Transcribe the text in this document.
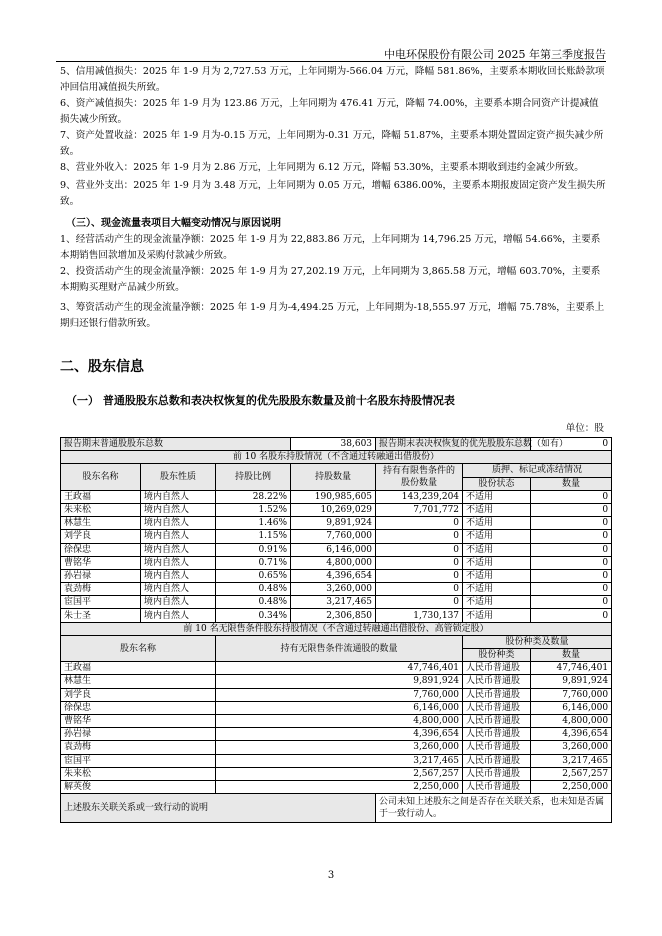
中电环保股份有限公司 2025 年第三季度报告
5、信用减值损失：2025 年 1-9 月为 2,727.53 万元，上年同期为-566.04 万元，降幅 581.86%，主要系本期收回长账龄款项冲回信用减值损失所致。
6、资产减值损失：2025 年 1-9 月为 123.86 万元，上年同期为 476.41 万元，降幅 74.00%，主要系本期合同资产计提减值损失减少所致。
7、资产处置收益：2025 年 1-9 月为-0.15 万元，上年同期为-0.31 万元，降幅 51.87%，主要系本期处置固定资产损失减少所致。
8、营业外收入：2025 年 1-9 月为 2.86 万元，上年同期为 6.12 万元，降幅 53.30%，主要系本期收到违约金减少所致。
9、营业外支出：2025 年 1-9 月为 3.48 万元，上年同期为 0.05 万元，增幅 6386.00%，主要系本期报废固定资产发生损失所致。
（三）、现金流量表项目大幅变动情况与原因说明
1、经营活动产生的现金流量净额：2025 年 1-9 月为 22,883.86 万元，上年同期为 14,796.25 万元，增幅 54.66%，主要系本期销售回款增加及采购付款减少所致。
2、投资活动产生的现金流量净额：2025 年 1-9 月为 27,202.19 万元，上年同期为 3,865.58 万元，增幅 603.70%，主要系本期购买理财产品减少所致。
3、筹资活动产生的现金流量净额：2025 年 1-9 月为-4,494.25 万元，上年同期为-18,555.97 万元，增幅 75.78%，主要系上期归还银行借款所致。
二、股东信息
（一） 普通股股东总数和表决权恢复的优先股股东数量及前十名股东持股情况表
单位：股
报告期末普通股股东总数			38,603	报告期末表决权恢复的优先股股东总数（如有）		0
前 10 名股东持股情况（不含通过转融通出借股份）						
股东名称	股东性质	持股比例	持股数量	持有有限售条件的股份数量	质押、标记或冻结情况	
					股份状态	数量
王政福	境内自然人	28.22%	190,985,605	143,239,204	不适用	0
朱来松	境内自然人	1.52%	10,269,029	7,701,772	不适用	0
林慧生	境内自然人	1.46%	9,891,924	0	不适用	0
刘学良	境内自然人	1.15%	7,760,000	0	不适用	0
徐保忠	境内自然人	0.91%	6,146,000	0	不适用	0
曹铭华	境内自然人	0.71%	4,800,000	0	不适用	0
孙岩禄	境内自然人	0.65%	4,396,654	0	不适用	0
袁劲梅	境内自然人	0.48%	3,260,000	0	不适用	0
宦国平	境内自然人	0.48%	3,217,465	0	不适用	0
朱士圣	境内自然人	0.34%	2,306,850	1,730,137	不适用	0
前 10 名无限售条件股东持股情况（不含通过转融通出借股份、高管锁定股）						
股东名称		持有无限售条件流通股的数量			股份种类及数量	
					股份种类	数量
王政福		47,746,401			人民币普通股	47,746,401
林慧生		9,891,924			人民币普通股	9,891,924
刘学良		7,760,000			人民币普通股	7,760,000
徐保忠		6,146,000			人民币普通股	6,146,000
曹铭华		4,800,000			人民币普通股	4,800,000
孙岩禄		4,396,654			人民币普通股	4,396,654
袁劲梅		3,260,000			人民币普通股	3,260,000
宦国平		3,217,465			人民币普通股	3,217,465
朱来松		2,567,257			人民币普通股	2,567,257
解英俊		2,250,000			人民币普通股	2,250,000
上述股东关联关系或一致行动的说明				公司未知上述股东之间是否存在关联关系，也未知是否属于一致行动人。		
3
